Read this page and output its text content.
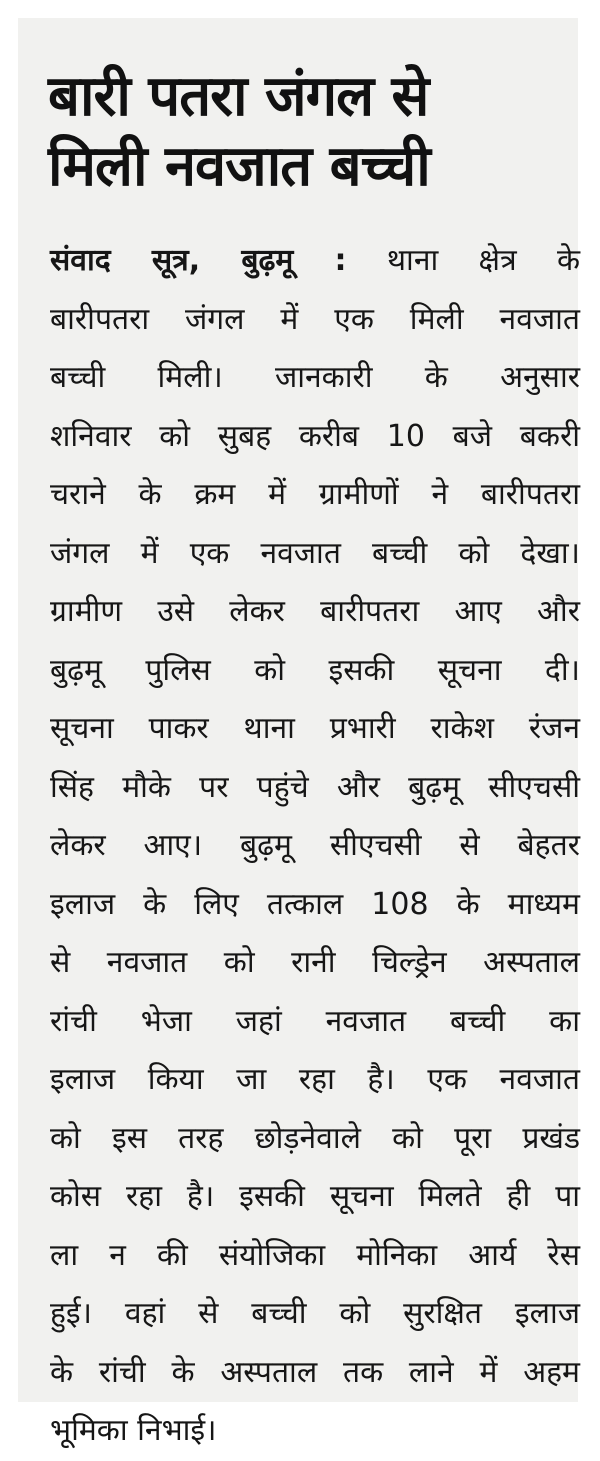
बारी पतरा जंगल से
मिली नवजात बच्ची
संवाद सूत्र, बुढ़मू : थाना क्षेत्र के
बारीपतरा जंगल में एक मिली नवजात
बच्ची मिली। जानकारी के अनुसार
शनिवार को सुबह करीब 10 बजे बकरी
चराने के क्रम में ग्रामीणों ने बारीपतरा
जंगल में एक नवजात बच्ची को देखा।
ग्रामीण उसे लेकर बारीपतरा आए और
बुढ़मू पुलिस को इसकी सूचना दी।
सूचना पाकर थाना प्रभारी राकेश रंजन
सिंह मौके पर पहुंचे और बुढ़मू सीएचसी
लेकर आए। बुढ़मू सीएचसी से बेहतर
इलाज के लिए तत्काल 108 के माध्यम
से नवजात को रानी चिल्ड्रेन अस्पताल
रांची भेजा जहां नवजात बच्ची का
इलाज किया जा रहा है। एक नवजात
को इस तरह छोड़नेवाले को पूरा प्रखंड
कोस रहा है। इसकी सूचना मिलते ही पा
ला न की संयोजिका मोनिका आर्य रेस
हुई। वहां से बच्ची को सुरक्षित इलाज
के रांची के अस्पताल तक लाने में अहम
भूमिका निभाई।
